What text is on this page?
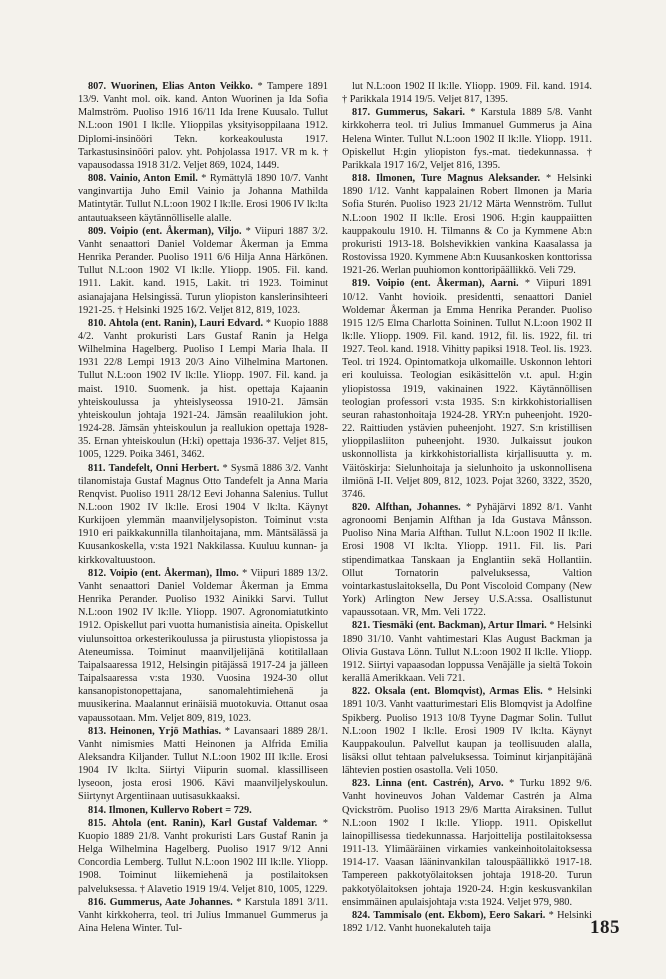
807. Wuorinen, Elias Anton Veikko. * Tampere 1891 13/9. Vanht mol. oik. kand. Anton Wuorinen ja Ida Sofia Malmström. Puoliso 1916 16/11 Ida Irene Kuusalo. Tullut N.L:oon 1901 I lk:lle. Ylioppilas yksityisoppilaana 1912. Diplomi-insinööri Tekn. korkeakoulusta 1917. Tarkastusinsinööri palov. yht. Pohjolassa 1917. VR m k. † vapausodassa 1918 31/2. Veljet 869, 1024, 1449.

808. Vainio, Anton Emil. * Rymättylä 1890 10/7. Vanht vanginvartija Juho Emil Vainio ja Johanna Mathilda Matintytär. Tullut N.L:oon 1902 I lk:lle. Erosi 1906 IV lk:lta antautuakseen käytännölliselle alalle.

809. Voipio (ent. Åkerman), Viljo. * Viipuri 1887 3/2. Vanht senaattori Daniel Voldemar Åkerman ja Emma Henrika Perander. Puoliso 1911 6/6 Hilja Anna Härkönen. Tullut N.L:oon 1902 VI lk:lle. Yliopp. 1905. Fil. kand. 1911. Lakit. kand. 1915, Lakit. tri 1923. Toiminut asianajajana Helsingissä. Turun yliopiston kanslerinsihteeri 1921-25. † Helsinki 1925 16/2. Veljet 812, 819, 1023.

810. Ahtola (ent. Ranin), Lauri Edvard. * Kuopio 1888 4/2. Vanht prokuristi Lars Gustaf Ranin ja Helga Wilhelmina Hagelberg. Puoliso I Lempi Maria Ihala. II 1931 22/8 Lempi 1913 20/3 Aino Vilhelmina Martonen. Tullut N.L:oon 1902 IV lk:lle. Yliopp. 1907. Fil. kand. ja maist. 1910. Suomenk. ja hist. opettaja Kajaanin yhteiskoulussa ja yhteislyseossa 1910-21. Jämsän yhteiskoulun johtaja 1921-24. Jämsän reaalilukion joht. 1924-28. Jämsän yhteiskoulun ja reallukion opettaja 1928-35. Ernan yhteiskoulun (H:ki) opettaja 1936-37. Veljet 815, 1005, 1229. Poika 3461, 3462.

811. Tandefelt, Onni Herbert. * Sysmä 1886 3/2. Vanht tilanomistaja Gustaf Magnus Otto Tandefelt ja Anna Maria Renqvist. Puoliso 1911 28/12 Eevi Johanna Salenius. Tullut N.L:oon 1902 IV lk:lle. Erosi 1904 V lk:lta. Käynyt Kurkijoen ylemmän maanviljelysopiston. Toiminut v:sta 1910 eri paikkakunnilla tilanhoitajana, mm. Mäntsälässä ja Kuusankoskella, v:sta 1921 Nakkilassa. Kuuluu kunnan- ja kirkkovaltuustoon.

812. Voipio (ent. Åkerman), Ilmo. * Viipuri 1889 13/2. Vanht senaattori Daniel Voldemar Åkerman ja Emma Henrika Perander. Puoliso 1932 Ainikki Sarvi. Tullut N.L:oon 1902 IV lk:lle. Yliopp. 1907. Agronomiatutkinto 1912. Opiskellut pari vuotta humanistisia aineita. Opiskellut viulunsoittoa orkesterikoulussa ja piirustusta yliopistossa ja Ateneumissa. Toiminut maanviljelijänä kotitilallaan Taipalsaaressa 1912, Helsingin pitäjässä 1917-24 ja jälleen Taipalsaaressa v:sta 1930. Vuosina 1924-30 ollut kansanopistonopettajana, sanomalehtimiehenä ja muusikerina. Maalannut erinäisiä muotokuvia. Ottanut osaa vapaussotaan. Mm. Veljet 809, 819, 1023.

813. Heinonen, Yrjö Mathias. * Lavansaari 1889 28/1. Vanht nimismies Matti Heinonen ja Alfrida Emilia Aleksandra Kiljander. Tullut N.L:oon 1902 III lk:lle. Erosi 1904 IV lk:lta. Siirtyi Viipurin suomal. klassilliseen lyseoon, josta erosi 1906. Kävi maanviljelyskoulun. Siirtynyt Argentiinaan uutisasukkaaksi.

814. Ilmonen, Kullervo Robert = 729.

815. Ahtola (ent. Ranin), Karl Gustaf Valdemar. * Kuopio 1889 21/8. Vanht prokuristi Lars Gustaf Ranin ja Helga Wilhelmina Hagelberg. Puoliso 1917 9/12 Anni Concordia Lemberg. Tullut N.L:oon 1902 III lk:lle. Yliopp. 1908. Toiminut liikemiehenä ja postilaitoksen palveluksessa. † Alavetio 1919 19/4. Veljet 810, 1005, 1229.

816. Gummerus, Aate Johannes. * Karstula 1891 3/11. Vanht kirkkoherra, teol. tri Julius Immanuel Gummerus ja Aina Helena Winter. Tul-

lut N.L:oon 1902 II lk:lle. Yliopp. 1909. Fil. kand. 1914. † Parikkala 1914 19/5. Veljet 817, 1395.

817. Gummerus, Sakari. * Karstula 1889 5/8. Vanht kirkkoherra teol. tri Julius Immanuel Gummerus ja Aina Helena Winter. Tullut N.L:oon 1902 II lk:lle. Yliopp. 1911. Opiskellut H:gin yliopiston fys.-mat. tiedekunnassa. † Parikkala 1917 16/2, Veljet 816, 1395.

818. Ilmonen, Ture Magnus Aleksander. * Helsinki 1890 1/12. Vanht kappalainen Robert Ilmonen ja Maria Sofia Sturén. Puoliso 1923 21/12 Märta Wennström. Tullut N.L:oon 1902 II lk:lle. Erosi 1906. H:gin kauppaiitten kauppakoulu 1910. H. Tilmanns & Co ja Kymmene Ab:n prokuristi 1913-18. Bolshevikkien vankina Kaasalassa ja Rostovissa 1920. Kymmene Ab:n Kuusankosken konttorissa 1921-26. Werlan puuhiomon konttoripäällikkö. Veli 729.

819. Voipio (ent. Åkerman), Aarni. * Viipuri 1891 10/12. Vanht hovioik. presidentti, senaattori Daniel Woldemar Åkerman ja Emma Henrika Perander. Puoliso 1915 12/5 Elma Charlotta Soininen. Tullut N.L:oon 1902 II lk:lle. Yliopp. 1909. Fil. kand. 1912, fil. lis. 1922, fil. tri 1927. Teol. kand. 1918. Vihitty papiksi 1918. Teol. lis. 1923. Teol. tri 1924. Opintomatkoja ulkomaille. Uskonnon lehtori eri kouluissa. Teologian esikäsittelön v.t. apul. H:gin yliopistossa 1919, vakinainen 1922. Käytännöllisen teologian professori v:sta 1935. S:n kirkkohistoriallisen seuran rahastonhoitaja 1924-28. YRY:n puheenjoht. 1920-22. Raittiuden ystävien puheenjoht. 1927. S:n kristillisen ylioppilasliiton puheenjoht. 1930. Julkaissut joukon uskonnollista ja kirkkohistoriallista kirjallisuutta y. m. Väitöskirja: Sielunhoitaja ja sielunhoito ja uskonnollisena ilmiönä I-II. Veljet 809, 812, 1023. Pojat 3260, 3322, 3520, 3746.

820. Alfthan, Johannes. * Pyhäjärvi 1892 8/1. Vanht agronoomi Benjamin Alfthan ja Ida Gustava Månsson. Puoliso Nina Maria Alfthan. Tullut N.L:oon 1902 II lk:lle. Erosi 1908 VI lk:lta. Yliopp. 1911. Fil. lis. Pari stipendimatkaa Tanskaan ja Englantiin sekä Hollantiin. Ollut Tornatorin palveluksessa, Valtion vointarkastuslaitoksella, Du Pont Viscoloid Company (New York) Arlington New Jersey U.S.A:ssa. Osallistunut vapaussotaan. VR, Mm. Veli 1722.

821. Tiesmäki (ent. Backman), Artur Ilmari. * Helsinki 1890 31/10. Vanht vahtimestari Klas August Backman ja Olivia Gustava Lönn. Tullut N.L:oon 1902 II lk:lle. Yliopp. 1912. Siirtyi vapaasodan loppussa Venäjälle ja sieltä Tokoin kerallä Amerikkaan. Veli 721.

822. Oksala (ent. Blomqvist), Armas Elis. * Helsinki 1891 10/3. Vanht vaatturimestari Elis Blomqvist ja Adolfine Spikberg. Puoliso 1913 10/8 Tyyne Dagmar Solin. Tullut N.L:oon 1902 I lk:lle. Erosi 1909 IV lk:lta. Käynyt Kauppakoulun. Palvellut kaupan ja teollisuuden alalla, lisäksi ollut tehtaan palveluksessa. Toiminut kirjanpitäjänä lähtevien postien osastolla. Veli 1050.

823. Linna (ent. Castrén), Arvo. * Turku 1892 9/6. Vanht hovineuvos Johan Valdemar Castrén ja Alma Qvickström. Puoliso 1913 29/6 Martta Airaksinen. Tullut N.L:oon 1902 I lk:lle. Yliopp. 1911. Opiskellut lainopillisessa tiedekunnassa. Harjoittelija postilaitoksessa 1911-13. Ylimääräinen virkamies vankeinhoitolaitoksessa 1914-17. Vaasan lääninvankilan talouspäällikkö 1917-18. Tampereen pakkotyölaitoksen johtaja 1918-20. Turun pakkotyölaitoksen johtaja 1920-24. H:gin keskusvankilan ensimmäinen apulaisjohtaja v:sta 1924. Veljet 979, 980.

824. Tammisalo (ent. Ekbom), Eero Sakari. * Helsinki 1892 1/12. Vanht huonekaluteh taija	185
